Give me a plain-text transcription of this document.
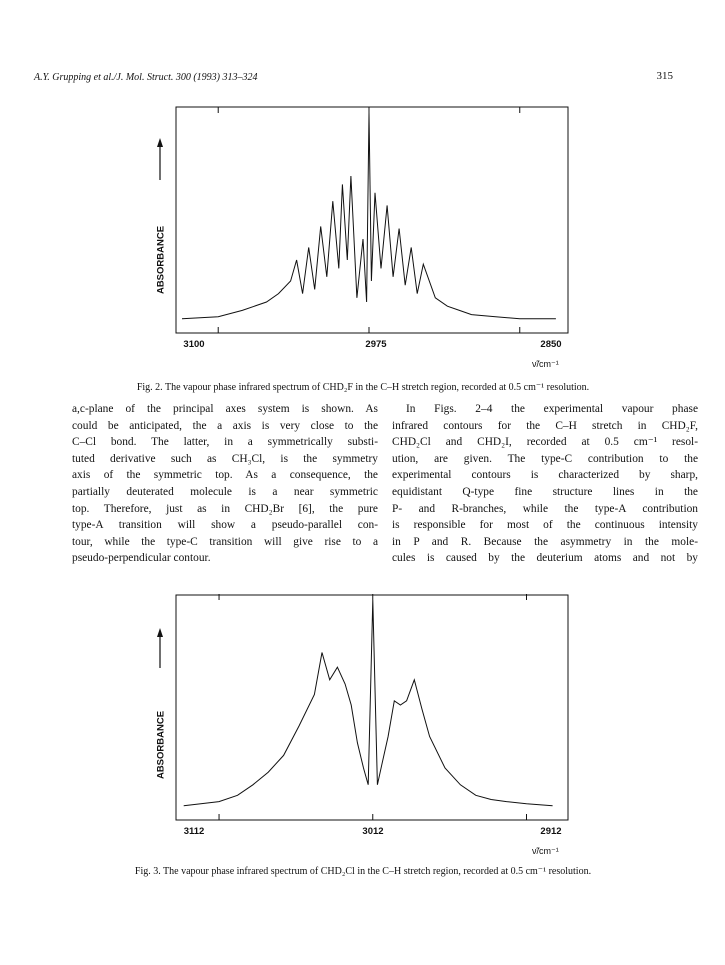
A.Y. Grupping et al./J. Mol. Struct. 300 (1993) 313–324	315
ABSORBANCE
3100	2975	2850
ν̃/cm⁻¹
Fig. 2. The vapour phase infrared spectrum of CHD₂F in the C–H stretch region, recorded at 0.5 cm⁻¹ resolution.
a,c-plane of the principal axes system is shown. As
could be anticipated, the a axis is very close to the
C–Cl bond. The latter, in a symmetrically substi-
tuted derivative such as CH₃Cl, is the symmetry
axis of the symmetric top. As a consequence, the
partially deuterated molecule is a near symmetric
top. Therefore, just as in CHD₂Br [6], the pure
type-A transition will show a pseudo-parallel con-
tour, while the type-C transition will give rise to a
pseudo-perpendicular contour.
In Figs. 2–4 the experimental vapour phase
infrared contours for the C–H stretch in CHD₂F,
CHD₂Cl and CHD₂I, recorded at 0.5 cm⁻¹ resol-
ution, are given. The type-C contribution to the
experimental contours is characterized by sharp,
equidistant Q-type fine structure lines in the
P- and R-branches, while the type-A contribution
is responsible for most of the continuous intensity
in P and R. Because the asymmetry in the mole-
cules is caused by the deuterium atoms and not by
ABSORBANCE
3112	3012	2912
ν̃/cm⁻¹
Fig. 3. The vapour phase infrared spectrum of CHD₂Cl in the C–H stretch region, recorded at 0.5 cm⁻¹ resolution.
